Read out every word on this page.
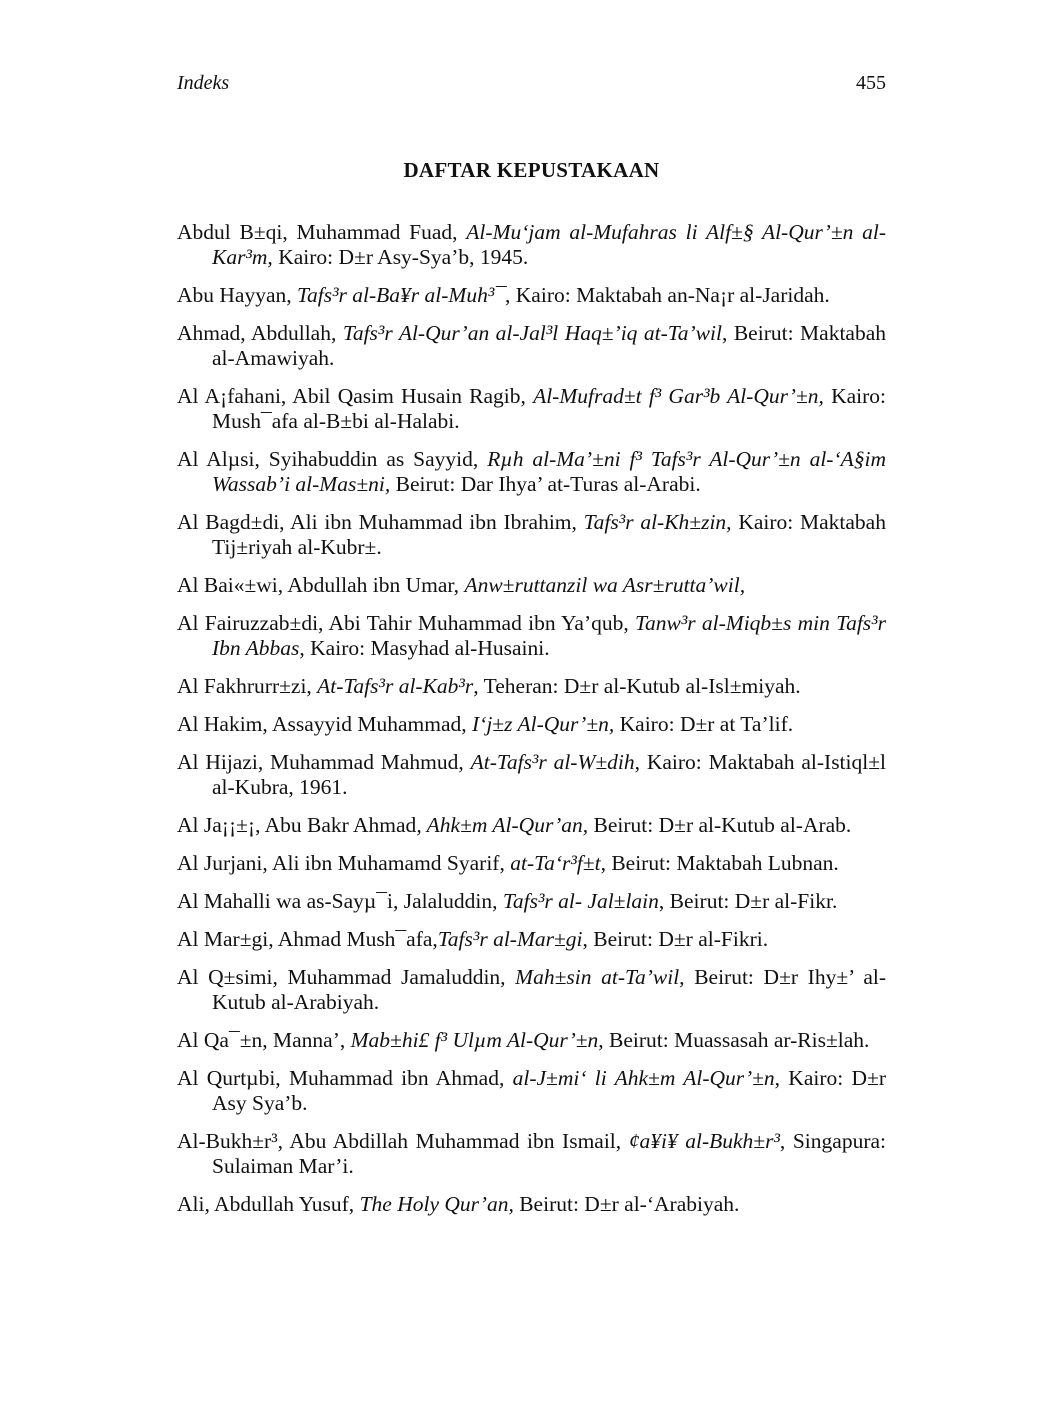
Indeks	455
DAFTAR KEPUSTAKAAN
Abdul B±qi, Muhammad Fuad, Al-Mu‘jam al-Mufahras li Alf±§ Al-Qur’±n al-Kar³m, Kairo: D±r Asy-Sya’b, 1945.
Abu Hayyan, Tafs³r al-Ba¥r al-Muh³¯, Kairo: Maktabah an-Na¡r al-Jaridah.
Ahmad, Abdullah, Tafs³r Al-Qur’an al-Jal³l Haq±’iq at-Ta’wil, Beirut: Maktabah al-Amawiyah.
Al A¡fahani, Abil Qasim Husain Ragib, Al-Mufrad±t f³ Gar³b Al-Qur’±n, Kairo: Mush¯afa al-B±bi al-Halabi.
Al Alµsi, Syihabuddin as Sayyid, Rµh al-Ma’±ni f³ Tafs³r Al-Qur’±n al-‘A§im Wassab’i al-Mas±ni, Beirut: Dar Ihya’ at-Turas al-Arabi.
Al Bagd±di, Ali ibn Muhammad ibn Ibrahim, Tafs³r al-Kh±zin, Kairo: Maktabah Tij±riyah al-Kubr±.
Al Bai«±wi, Abdullah ibn Umar, Anw±ruttanzil wa Asr±rutta’wil,
Al Fairuzzab±di, Abi Tahir Muhammad ibn Ya’qub, Tanw³r al-Miqb±s min Tafs³r Ibn Abbas, Kairo: Masyhad al-Husaini.
Al Fakhrurr±zi, At-Tafs³r al-Kab³r, Teheran: D±r al-Kutub al-Isl±miyah.
Al Hakim, Assayyid Muhammad, I‘j±z Al-Qur’±n, Kairo: D±r at Ta’lif.
Al Hijazi, Muhammad Mahmud, At-Tafs³r al-W±dih, Kairo: Maktabah al-Istiql±l al-Kubra, 1961.
Al Ja¡¡±¡, Abu Bakr Ahmad, Ahk±m Al-Qur’an, Beirut: D±r al-Kutub al-Arab.
Al Jurjani, Ali ibn Muhamamd Syarif, at-Ta‘r³f±t, Beirut: Maktabah Lubnan.
Al Mahalli wa as-Sayµ¯i, Jalaluddin, Tafs³r al- Jal±lain, Beirut: D±r al-Fikr.
Al Mar±gi, Ahmad Mush¯afa,Tafs³r al-Mar±gi, Beirut: D±r al-Fikri.
Al Q±simi, Muhammad Jamaluddin, Mah±sin at-Ta’wil, Beirut: D±r Ihy±’ al-Kutub al-Arabiyah.
Al Qa¯±n, Manna’, Mab±hi£ f³ Ulµm Al-Qur’±n, Beirut: Muassasah ar-Ris±lah.
Al Qurtµbi, Muhammad ibn Ahmad, al-J±mi‘ li Ahk±m Al-Qur’±n, Kairo: D±r Asy Sya’b.
Al-Bukh±r³, Abu Abdillah Muhammad ibn Ismail, ¢a¥i¥ al-Bukh±r³, Singapura: Sulaiman Mar’i.
Ali, Abdullah Yusuf, The Holy Qur’an, Beirut: D±r al-‘Arabiyah.
